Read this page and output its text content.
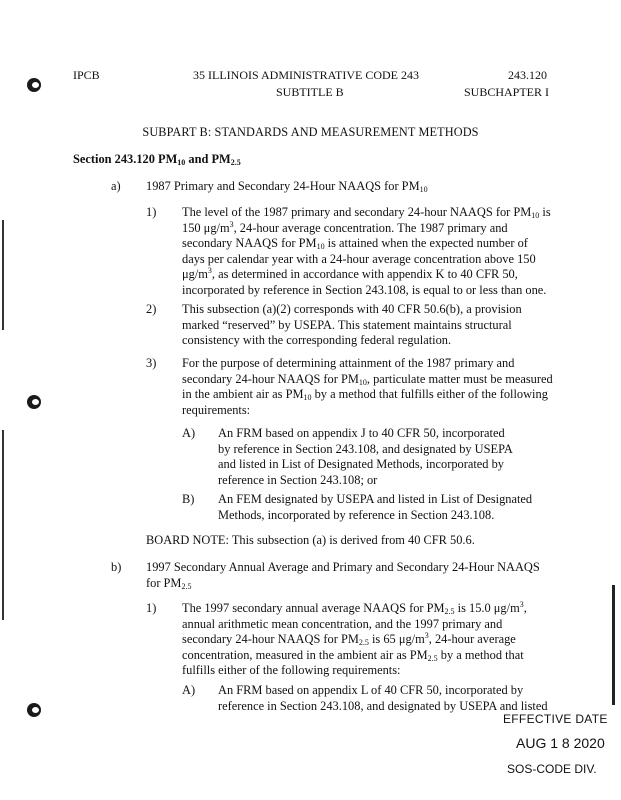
IPCB	35 ILLINOIS ADMINISTRATIVE CODE 243	243.120
SUBTITLE B	SUBCHAPTER I
SUBPART B: STANDARDS AND MEASUREMENT METHODS
Section 243.120 $PM_{10}$ and $PM_{2.5}$
a) 1987 Primary and Secondary 24-Hour NAAQS for $PM_{10}$
1) The level of the 1987 primary and secondary 24-hour NAAQS for $PM_{10}$ is
150 $\mu g/m^3$, 24-hour average concentration. The 1987 primary and
secondary NAAQS for $PM_{10}$ is attained when the expected number of
days per calendar year with a 24-hour average concentration above 150
$\mu g/m^3$, as determined in accordance with appendix K to 40 CFR 50,
incorporated by reference in Section 243.108, is equal to or less than one.
2) This subsection (a)(2) corresponds with 40 CFR 50.6(b), a provision
marked “reserved” by USEPA. This statement maintains structural
consistency with the corresponding federal regulation.
3) For the purpose of determining attainment of the 1987 primary and
secondary 24-hour NAAQS for $PM_{10}$, particulate matter must be measured
in the ambient air as $PM_{10}$ by a method that fulfills either of the following
requirements:
A) An FRM based on appendix J to 40 CFR 50, incorporated
by reference in Section 243.108, and designated by USEPA
and listed in List of Designated Methods, incorporated by
reference in Section 243.108; or
B) An FEM designated by USEPA and listed in List of Designated
Methods, incorporated by reference in Section 243.108.
BOARD NOTE: This subsection (a) is derived from 40 CFR 50.6.
b) 1997 Secondary Annual Average and Primary and Secondary 24-Hour NAAQS
for $PM_{2.5}$
1) The 1997 secondary annual average NAAQS for $PM_{2.5}$ is 15.0 $\mu g/m^3$,
annual arithmetic mean concentration, and the 1997 primary and
secondary 24-hour NAAQS for $PM_{2.5}$ is 65 $\mu g/m^3$, 24-hour average
concentration, measured in the ambient air as $PM_{2.5}$ by a method that
fulfills either of the following requirements:
A) An FRM based on appendix L of 40 CFR 50, incorporated by
reference in Section 243.108, and designated by USEPA and listed
EFFECTIVE DATE
AUG 1 8 2020
SOS-CODE DIV.
